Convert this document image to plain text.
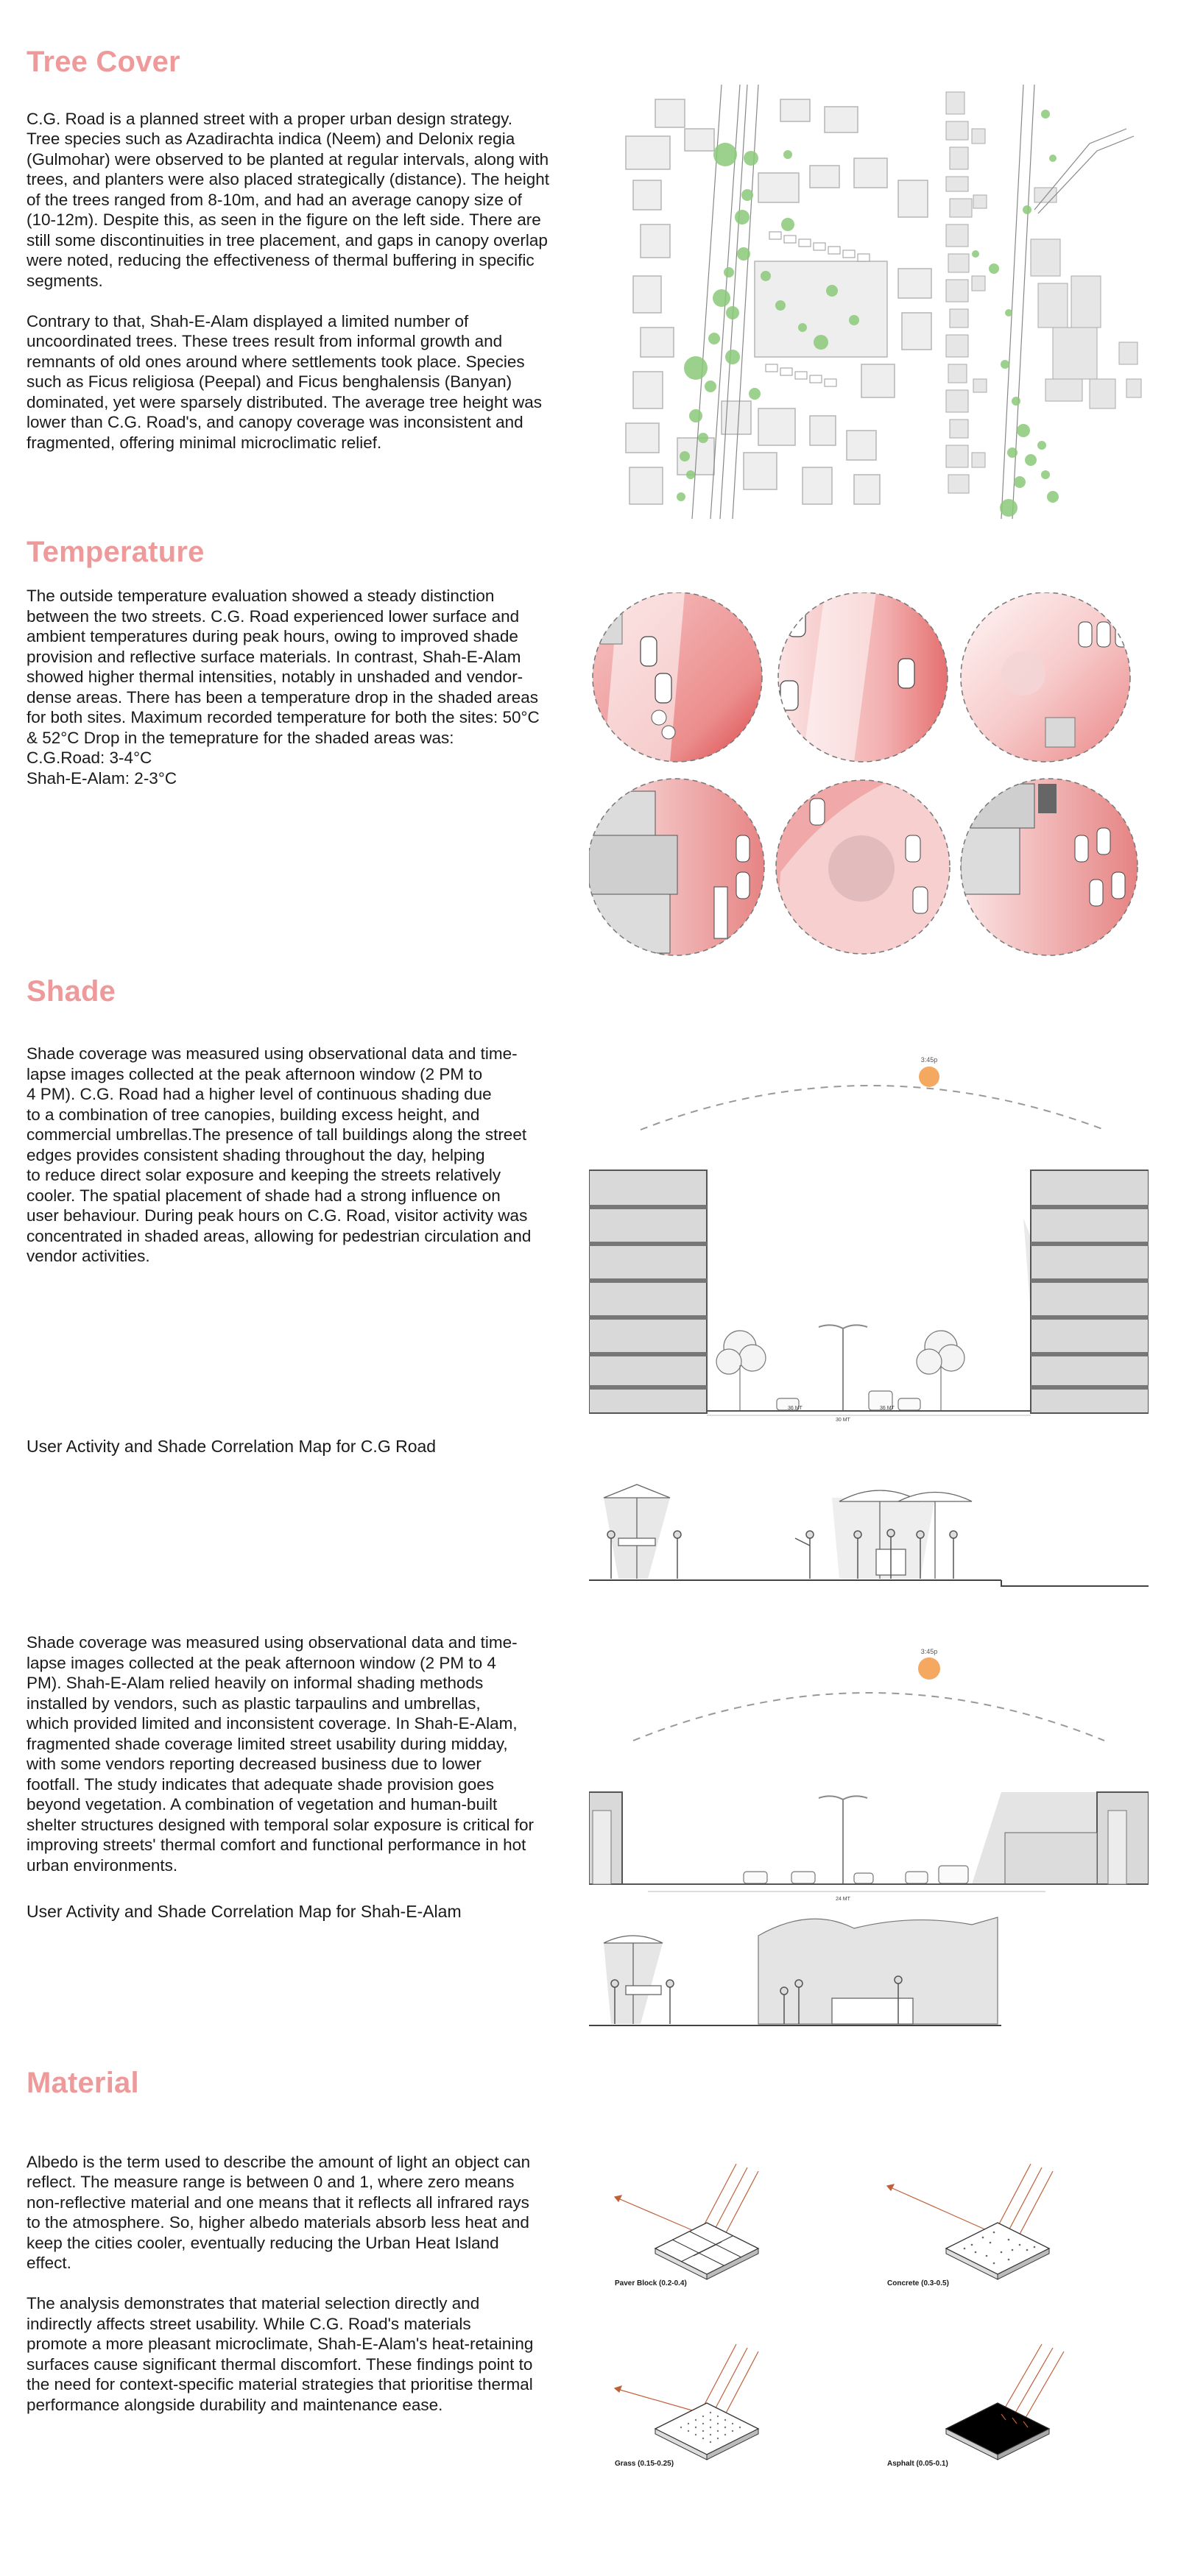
Tree Cover

C.G. Road is a planned street with a proper urban design strategy.
Tree species such as Azadirachta indica (Neem) and Delonix regia
(Gulmohar) were observed to be planted at regular intervals, along with
trees, and planters were also placed strategically (distance). The height
of the trees ranged from 8-10m, and had an average canopy size of
(10-12m). Despite this, as seen in the figure on the left side. There are
still some discontinuities in tree placement, and gaps in canopy overlap
were noted, reducing the effectiveness of thermal buffering in specific
segments.

Contrary to that, Shah-E-Alam displayed a limited number of
uncoordinated trees. These trees result from informal growth and
remnants of old ones around where settlements took place. Species
such as Ficus religiosa (Peepal) and Ficus benghalensis (Banyan)
dominated, yet were sparsely distributed. The average tree height was
lower than C.G. Road's, and canopy coverage was inconsistent and
fragmented, offering minimal microclimatic relief.

Temperature
The outside temperature evaluation showed a steady distinction
between the two streets. C.G. Road experienced lower surface and
ambient temperatures during peak hours, owing to improved shade
provision and reflective surface materials. In contrast, Shah-E-Alam
showed higher thermal intensities, notably in unshaded and vendor-
dense areas. There has been a temperature drop in the shaded areas
for both sites. Maximum recorded temperature for both the sites: 50°C
& 52°C Drop in the temeprature for the shaded areas was:
C.G.Road: 3-4°C
Shah-E-Alam: 2-3°C
Shade
Shade coverage was measured using observational data and time-
lapse images collected at the peak afternoon window (2 PM to
4 PM). C.G. Road had a higher level of continuous shading due
to a combination of tree canopies, building excess height, and
commercial umbrellas.The presence of tall buildings along the street
edges provides consistent shading throughout the day, helping
to reduce direct solar exposure and keeping the streets relatively
cooler. The spatial placement of shade had a strong influence on
user behaviour. During peak hours on C.G. Road, visitor activity was
concentrated in shaded areas, allowing for pedestrian circulation and
vendor activities.
3:45p
36 MT	36 MT
30 MT
User Activity and Shade Correlation Map for C.G Road
Shade coverage was measured using observational data and time-
lapse images collected at the peak afternoon window (2 PM to 4
PM). Shah-E-Alam relied heavily on informal shading methods
installed by vendors, such as plastic tarpaulins and umbrellas,
which provided limited and inconsistent coverage. In Shah-E-Alam,
fragmented shade coverage limited street usability during midday,
with some vendors reporting decreased business due to lower
footfall. The study indicates that adequate shade provision goes
beyond vegetation. A combination of vegetation and human-built
shelter structures designed with temporal solar exposure is critical for
improving streets' thermal comfort and functional performance in hot
urban environments.
3:45p
24 MT
User Activity and Shade Correlation Map for Shah-E-Alam
Material

Albedo is the term used to describe the amount of light an object can
reflect. The measure range is between 0 and 1, where zero means
non-reflective material and one means that it reflects all infrared rays
to the atmosphere. So, higher albedo materials absorb less heat and
keep the cities cooler, eventually reducing the Urban Heat Island
effect.

The analysis demonstrates that material selection directly and
indirectly affects street usability. While C.G. Road's materials
promote a more pleasant microclimate, Shah-E-Alam's heat-retaining
surfaces cause significant thermal discomfort. These findings point to
the need for context-specific material strategies that prioritise thermal
performance alongside durability and maintenance ease.

Paver Block (0.2-0.4)	Concrete (0.3-0.5)
Grass (0.15-0.25)	Asphalt (0.05-0.1)
